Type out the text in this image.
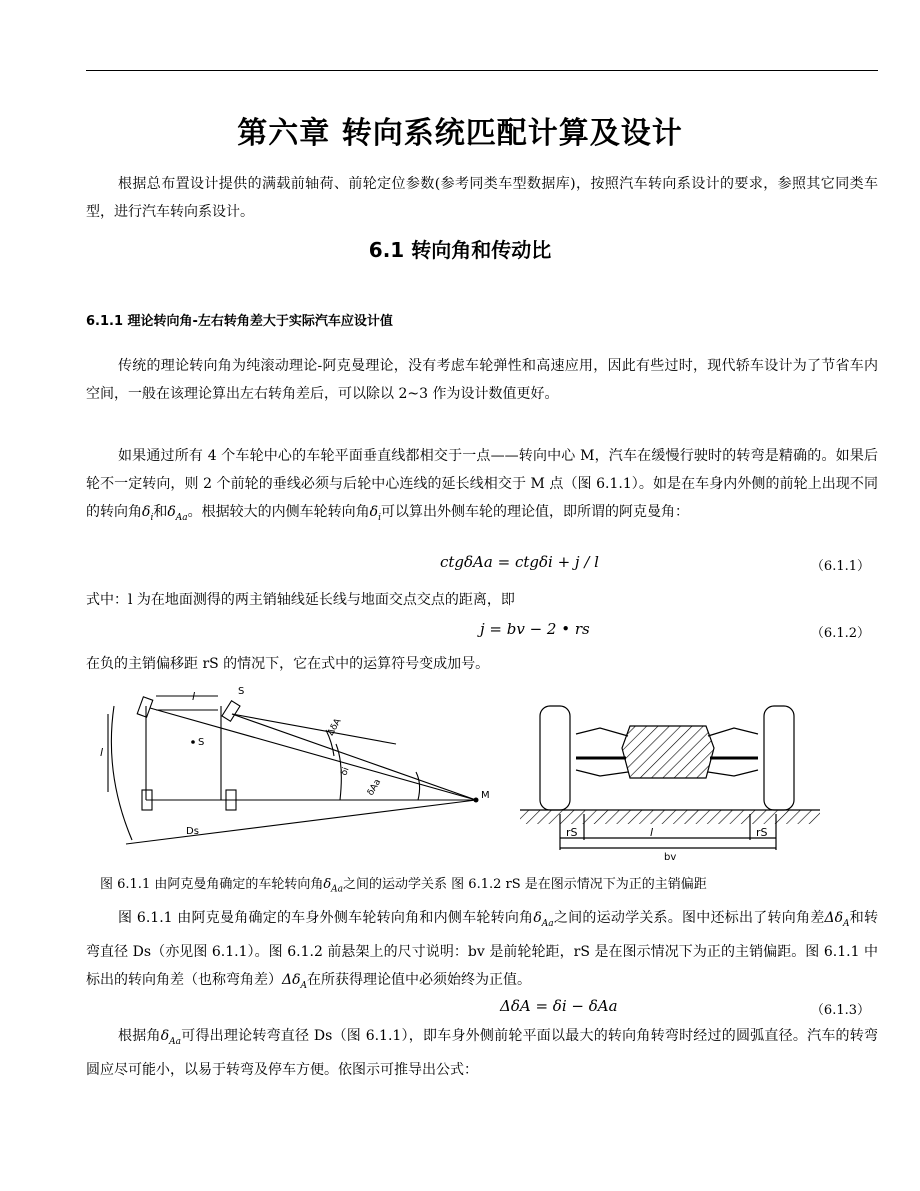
第六章 转向系统匹配计算及设计
根据总布置设计提供的满载前轴荷、前轮定位参数(参考同类车型数据库)，按照汽车转向系设计的要求，参照其它同类车型，进行汽车转向系设计。
6.1 转向角和传动比
6.1.1 理论转向角-左右转角差大于实际汽车应设计值
传统的理论转向角为纯滚动理论-阿克曼理论，没有考虑车轮弹性和高速应用，因此有些过时，现代轿车设计为了节省车内空间，一般在该理论算出左右转角差后，可以除以 2~3 作为设计数值更好。
如果通过所有 4 个车轮中心的车轮平面垂直线都相交于一点——转向中心 M，汽车在缓慢行驶时的转弯是精确的。如果后轮不一定转向，则 2 个前轮的垂线必须与后轮中心连线的延长线相交于 M 点（图 6.1.1）。如是在车身内外侧的前轮上出现不同的转向角$\delta_i$和$\delta_{Aa}$。根据较大的内侧车轮转向角$\delta_i$可以算出外侧车轮的理论值，即所谓的阿克曼角：
ctgδAa = ctgδi + j / l	（6.1.1）
式中：l 为在地面测得的两主销轴线延长线与地面交点交点的距离，即
j = bv − 2 • rs	（6.1.2）
在负的主销偏移距 rS 的情况下，它在式中的运算符号变成加号。
l	S
S
l
M
Ds
ΔδA
δi
δAa
rS	l	rS
bv
图 6.1.1 由阿克曼角确定的车轮转向角$\delta_{Aa}$之间的运动学关系 图 6.1.2 rS 是在图示情况下为正的主销偏距
图 6.1.1 由阿克曼角确定的车身外侧车轮转向角和内侧车轮转向角$\delta_{Aa}$之间的运动学关系。图中还标出了转向角差$\Delta\delta_A$和转弯直径 Ds（亦见图 6.1.1）。图 6.1.2 前悬架上的尺寸说明：bv 是前轮轮距，rS 是在图示情况下为正的主销偏距。图 6.1.1 中标出的转向角差（也称弯角差）$\Delta\delta_A$在所获得理论值中必须始终为正值。
ΔδA = δi − δAa	（6.1.3）
根据角$\delta_{Aa}$可得出理论转弯直径 Ds（图 6.1.1），即车身外侧前轮平面以最大的转向角转弯时经过的圆弧直径。汽车的转弯圆应尽可能小，以易于转弯及停车方便。依图示可推导出公式：
